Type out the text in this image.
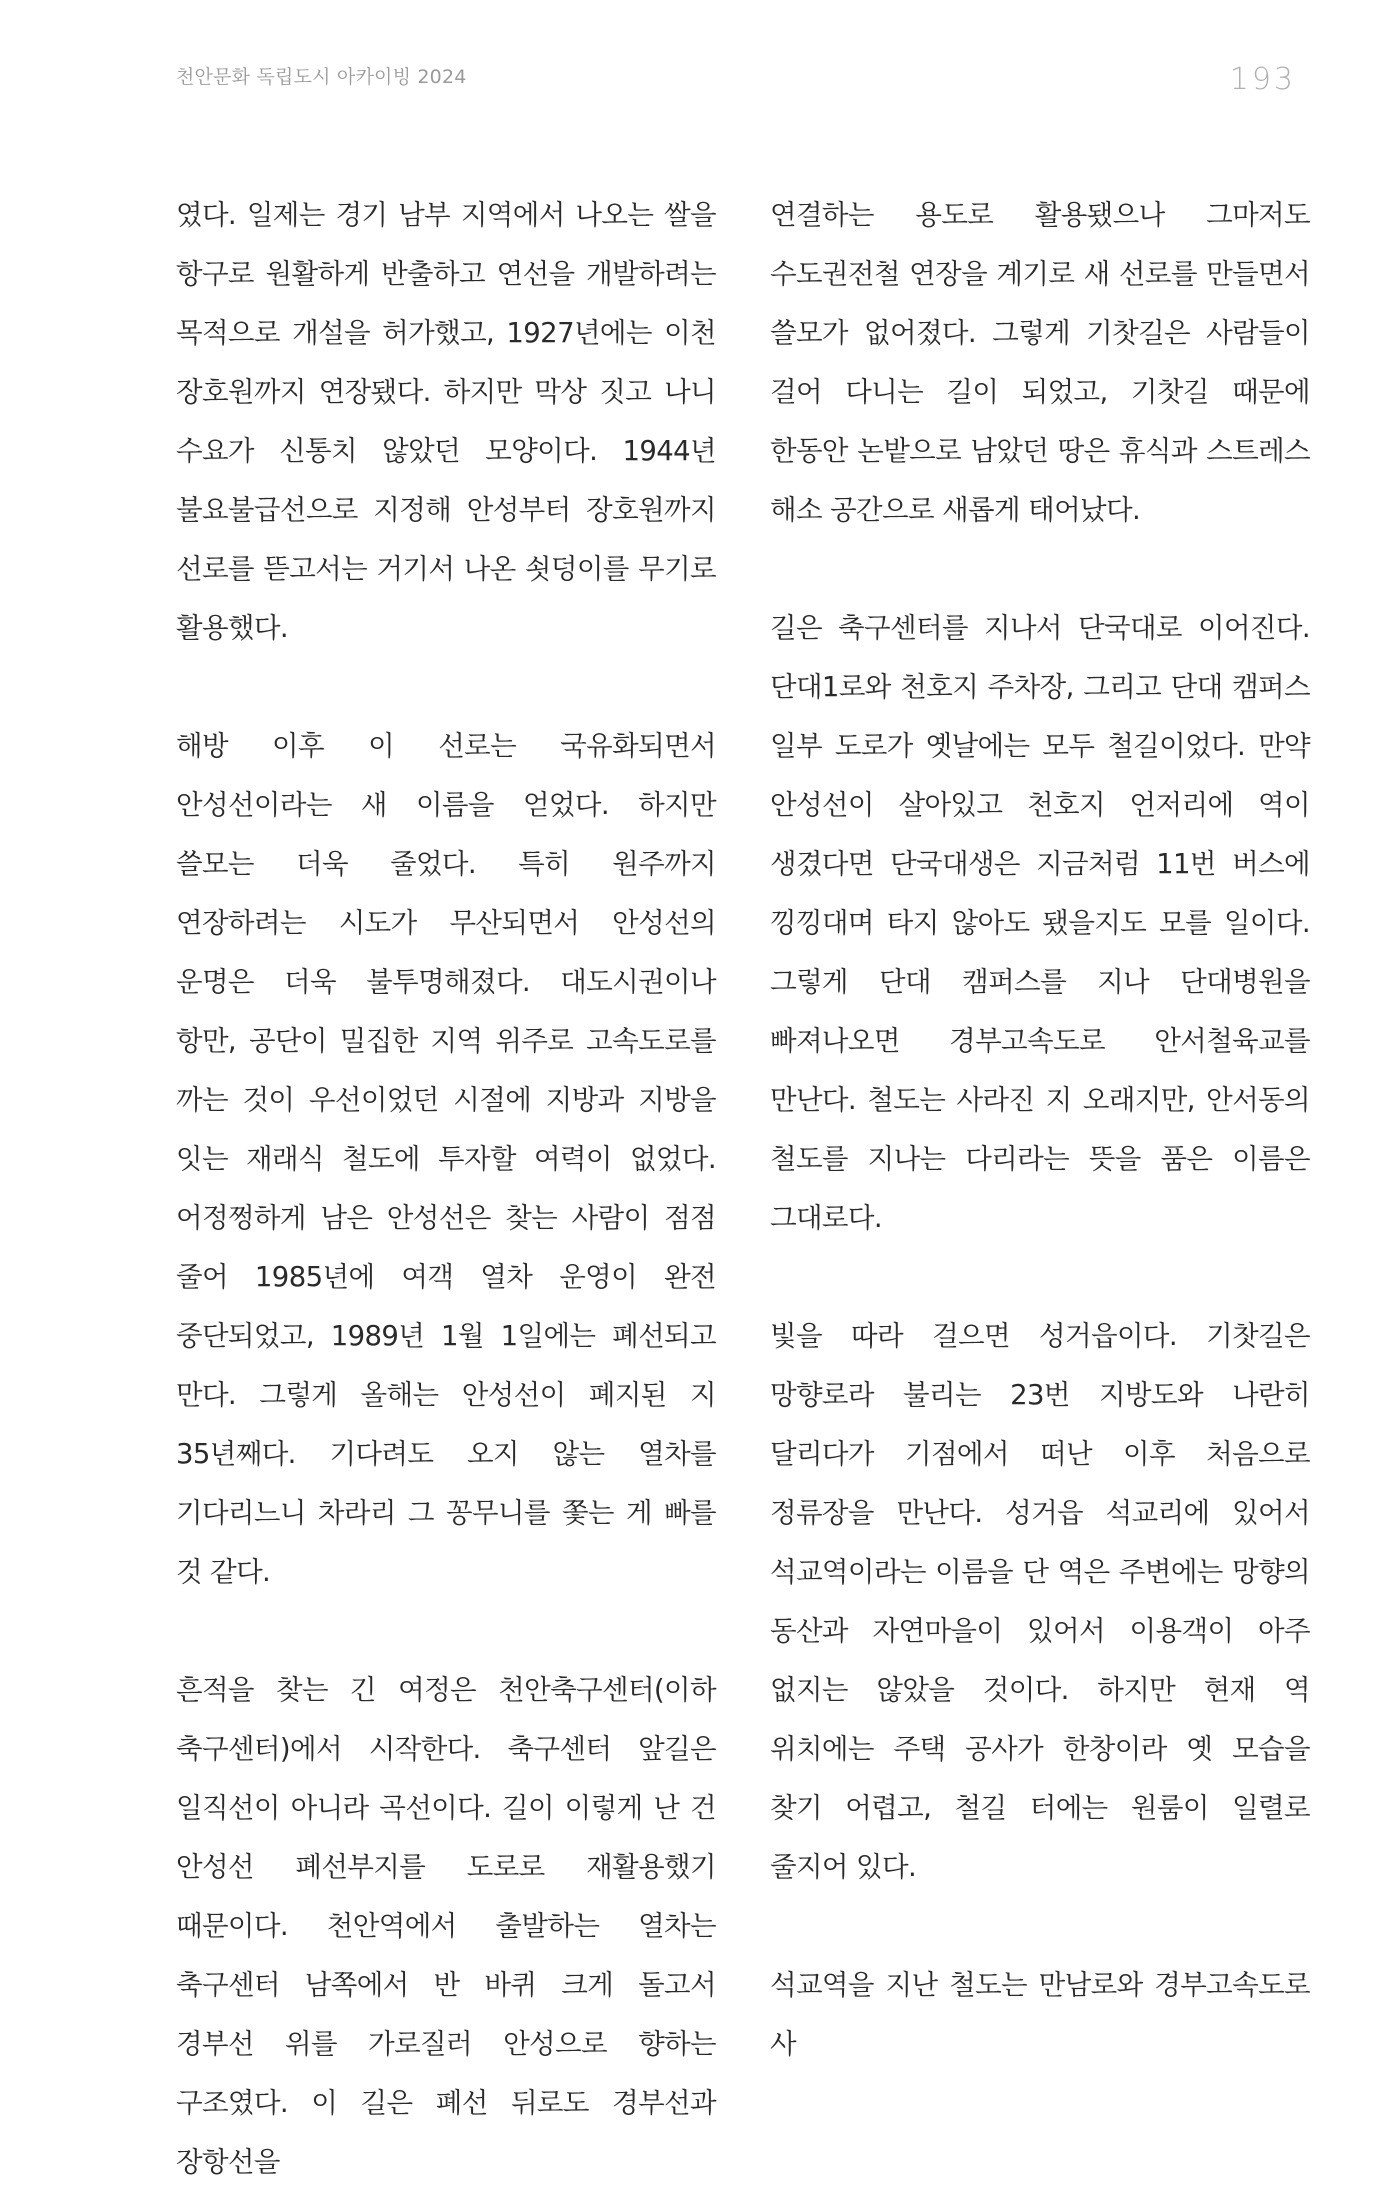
천안문화 독립도시 아카이빙 2024	193

였다. 일제는 경기 남부 지역에서 나오는 쌀을 항구로 원활하게 반출하고 연선을 개발하려는 목적으로 개설을 허가했고, 1927년에는 이천 장호원까지 연장됐다. 하지만 막상 짓고 나니 수요가 신통치 않았던 모양이다. 1944년 불요불급선으로 지정해 안성부터 장호원까지 선로를 뜯고서는 거기서 나온 쇳덩이를 무기로 활용했다.

해방 이후 이 선로는 국유화되면서 안성선이라는 새 이름을 얻었다. 하지만 쓸모는 더욱 줄었다. 특히 원주까지 연장하려는 시도가 무산되면서 안성선의 운명은 더욱 불투명해졌다. 대도시권이나 항만, 공단이 밀집한 지역 위주로 고속도로를 까는 것이 우선이었던 시절에 지방과 지방을 잇는 재래식 철도에 투자할 여력이 없었다. 어정쩡하게 남은 안성선은 찾는 사람이 점점 줄어 1985년에 여객 열차 운영이 완전 중단되었고, 1989년 1월 1일에는 폐선되고 만다. 그렇게 올해는 안성선이 폐지된 지 35년째다. 기다려도 오지 않는 열차를 기다리느니 차라리 그 꽁무니를 쫓는 게 빠를 것 같다.

흔적을 찾는 긴 여정은 천안축구센터(이하 축구센터)에서 시작한다. 축구센터 앞길은 일직선이 아니라 곡선이다. 길이 이렇게 난 건 안성선 폐선부지를 도로로 재활용했기 때문이다. 천안역에서 출발하는 열차는 축구센터 남쪽에서 반 바퀴 크게 돌고서 경부선 위를 가로질러 안성으로 향하는 구조였다. 이 길은 폐선 뒤로도 경부선과 장항선을

연결하는 용도로 활용됐으나 그마저도 수도권전철 연장을 계기로 새 선로를 만들면서 쓸모가 없어졌다. 그렇게 기찻길은 사람들이 걸어 다니는 길이 되었고, 기찻길 때문에 한동안 논밭으로 남았던 땅은 휴식과 스트레스 해소 공간으로 새롭게 태어났다.

길은 축구센터를 지나서 단국대로 이어진다. 단대1로와 천호지 주차장, 그리고 단대 캠퍼스 일부 도로가 옛날에는 모두 철길이었다. 만약 안성선이 살아있고 천호지 언저리에 역이 생겼다면 단국대생은 지금처럼 11번 버스에 낑낑대며 타지 않아도 됐을지도 모를 일이다. 그렇게 단대 캠퍼스를 지나 단대병원을 빠져나오면 경부고속도로 안서철육교를 만난다. 철도는 사라진 지 오래지만, 안서동의 철도를 지나는 다리라는 뜻을 품은 이름은 그대로다.

빛을 따라 걸으면 성거읍이다. 기찻길은 망향로라 불리는 23번 지방도와 나란히 달리다가 기점에서 떠난 이후 처음으로 정류장을 만난다. 성거읍 석교리에 있어서 석교역이라는 이름을 단 역은 주변에는 망향의 동산과 자연마을이 있어서 이용객이 아주 없지는 않았을 것이다. 하지만 현재 역 위치에는 주택 공사가 한창이라 옛 모습을 찾기 어렵고, 철길 터에는 원룸이 일렬로 줄지어 있다.

석교역을 지난 철도는 만남로와 경부고속도로 사
